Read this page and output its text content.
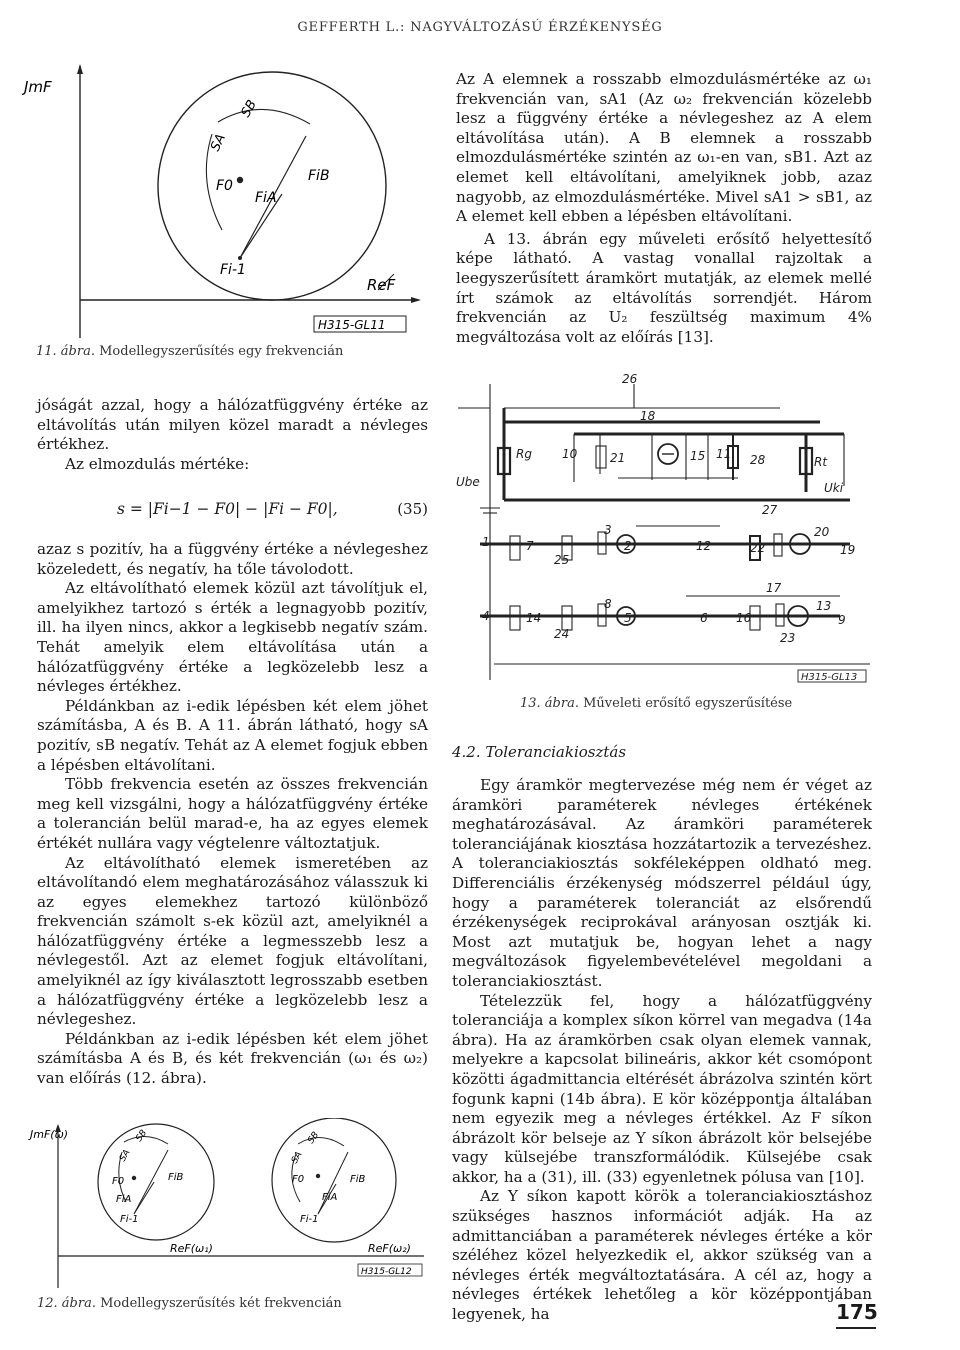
GEFFERTH L.: NAGYVÁLTOZÁSÚ ÉRZÉKENYSÉG
JmF
SB
SA
F0
FiB
FiA
Fi-1
ReF
H315-GL11
11. ábra. Modellegyszerűsítés egy frekvencián

Az A elemnek a rosszabb elmozdulásmértéke az ω₁ frekvencián van, sA1 (Az ω₂ frekvencián közelebb lesz a függvény értéke a névlegeshez az A elem eltávolítása után). A B elemnek a rosszabb elmozdulásmértéke szintén az ω₁-en van, sB1. Azt az elemet kell eltávolítani, amelyiknek jobb, azaz nagyobb, az elmozdulásmértéke. Mivel sA1 > sB1, az A elemet kell ebben a lépésben eltávolítani.

A 13. ábrán egy műveleti erősítő helyettesítő képe látható. A vastag vonallal rajzoltak a leegyszerűsített áramkört mutatják, az elemek mellé írt számok az eltávolítás sorrendjét. Három frekvencián az U₂ feszültség maximum 4% megváltozása volt az előírás [13].

jóságát azzal, hogy a hálózatfüggvény értéke az eltávolítás után milyen közel maradt a névleges értékhez.

Az elmozdulás mértéke:

s = |Fi−1 − F0| − |Fi − F0|,	(35)

azaz s pozitív, ha a függvény értéke a névlegeshez közeledett, és negatív, ha tőle távolodott.

Az eltávolítható elemek közül azt távolítjuk el, amelyikhez tartozó s érték a legnagyobb pozitív, ill. ha ilyen nincs, akkor a legkisebb negatív szám. Tehát amelyik elem eltávolítása után a hálózatfüggvény értéke a legközelebb lesz a névleges értékhez.

Példánkban az i-edik lépésben két elem jöhet számításba, A és B. A 11. ábrán látható, hogy sA pozitív, sB negatív. Tehát az A elemet fogjuk ebben a lépésben eltávolítani.

Több frekvencia esetén az összes frekvencián meg kell vizsgálni, hogy a hálózatfüggvény értéke a tolerancián belül marad-e, ha az egyes elemek értékét nullára vagy végtelenre változtatjuk.

Az eltávolítható elemek ismeretében az eltávolítandó elem meghatározásához válasszuk ki az egyes elemekhez tartozó különböző frekvencián számolt s-ek közül azt, amelyiknél a hálózatfüggvény értéke a legmesszebb lesz a névlegestől. Azt az elemet fogjuk eltávolítani, amelyiknél az így kiválasztott legrosszabb esetben a hálózatfüggvény értéke a legközelebb lesz a névlegeshez.

Példánkban az i-edik lépésben két elem jöhet számításba A és B, és két frekvencián (ω₁ és ω₂) van előírás (12. ábra).

JmF(ω)	SB
SA
F0	FiB
FiA
Fi-1
SB
SA
F0	FiB
FiA
Fi-1
ReF(ω₁)	ReF(ω₂)
H315-GL12
12. ábra. Modellegyszerűsítés két frekvencián
26
18
Rg	10	21	15 11 28	Rt
Ube	Uki
27
1	7
3
25
2	12	22
20
19
17
4	14
8
24
5	6 16
13
23
9
H315-GL13
13. ábra. Műveleti erősítő egyszerűsítése
4.2. Toleranciakiosztás

Egy áramkör megtervezése még nem ér véget az áramköri paraméterek névleges értékének meghatározásával. Az áramköri paraméterek toleranciájának kiosztása hozzátartozik a tervezéshez. A toleranciakiosztás sokféleképpen oldható meg. Differenciális érzékenység módszerrel például úgy, hogy a paraméterek toleranciát az elsőrendű érzékenységek reciprokával arányosan osztják ki. Most azt mutatjuk be, hogyan lehet a nagy megváltozások figyelembevételével megoldani a toleranciakiosztást.

Tételezzük fel, hogy a hálózatfüggvény toleranciája a komplex síkon körrel van megadva (14a ábra). Ha az áramkörben csak olyan elemek vannak, melyekre a kapcsolat bilineáris, akkor két csomópont közötti ágadmittancia eltérését ábrázolva szintén kört fogunk kapni (14b ábra). E kör középpontja általában nem egyezik meg a névleges értékkel. Az F síkon ábrázolt kör belseje az Y síkon ábrázolt kör belsejébe vagy külsejébe transzformálódik. Külsejébe csak akkor, ha a (31), ill. (33) egyenletnek pólusa van [10].

Az Y síkon kapott körök a toleranciakiosztáshoz szükséges hasznos információt adják. Ha az admittanciában a paraméterek névleges értéke a kör széléhez közel helyezkedik el, akkor szükség van a névleges érték megváltoztatására. A cél az, hogy a névleges értékek lehetőleg a kör középpontjában legyenek, ha	175
